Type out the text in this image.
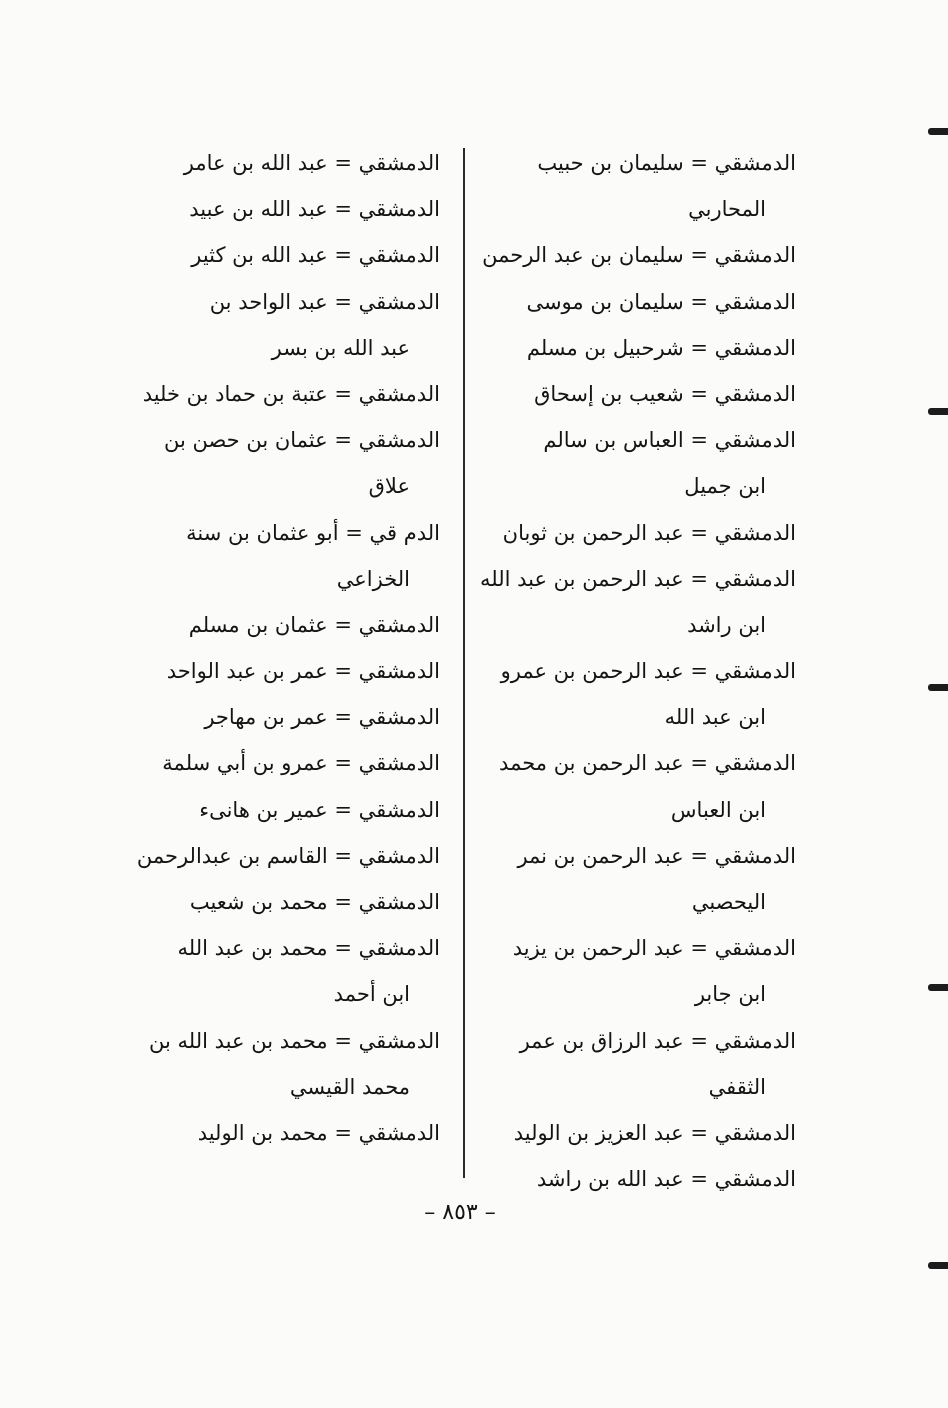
الدمشقي = سليمان بن حبيب
المحاربي
الدمشقي = سليمان بن عبد الرحمن
الدمشقي = سليمان بن موسى
الدمشقي = شرحبيل بن مسلم
الدمشقي = شعيب بن إسحاق
الدمشقي = العباس بن سالم
ابن جميل
الدمشقي = عبد الرحمن بن ثوبان
الدمشقي = عبد الرحمن بن عبد الله
ابن راشد
الدمشقي = عبد الرحمن بن عمرو
ابن عبد الله
الدمشقي = عبد الرحمن بن محمد
ابن العباس
الدمشقي = عبد الرحمن بن نمر
اليحصبي
الدمشقي = عبد الرحمن بن يزيد
ابن جابر
الدمشقي = عبد الرزاق بن عمر
الثقفي
الدمشقي = عبد العزيز بن الوليد
الدمشقي = عبد الله بن راشد
الدمشقي = عبد الله بن عامر
الدمشقي = عبد الله بن عبيد
الدمشقي = عبد الله بن كثير
الدمشقي = عبد الواحد بن
عبد الله بن بسر
الدمشقي = عتبة بن حماد بن خليد
الدمشقي = عثمان بن حصن بن
علاق
الدم قي = أبو عثمان بن سنة
الخزاعي
الدمشقي = عثمان بن مسلم
الدمشقي = عمر بن عبد الواحد
الدمشقي = عمر بن مهاجر
الدمشقي = عمرو بن أبي سلمة
الدمشقي = عمير بن هانىء
الدمشقي = القاسم بن عبدالرحمن
الدمشقي = محمد بن شعيب
الدمشقي = محمد بن عبد الله
ابن أحمد
الدمشقي = محمد بن عبد الله بن
محمد القيسي
الدمشقي = محمد بن الوليد
– ٨٥٣ –
